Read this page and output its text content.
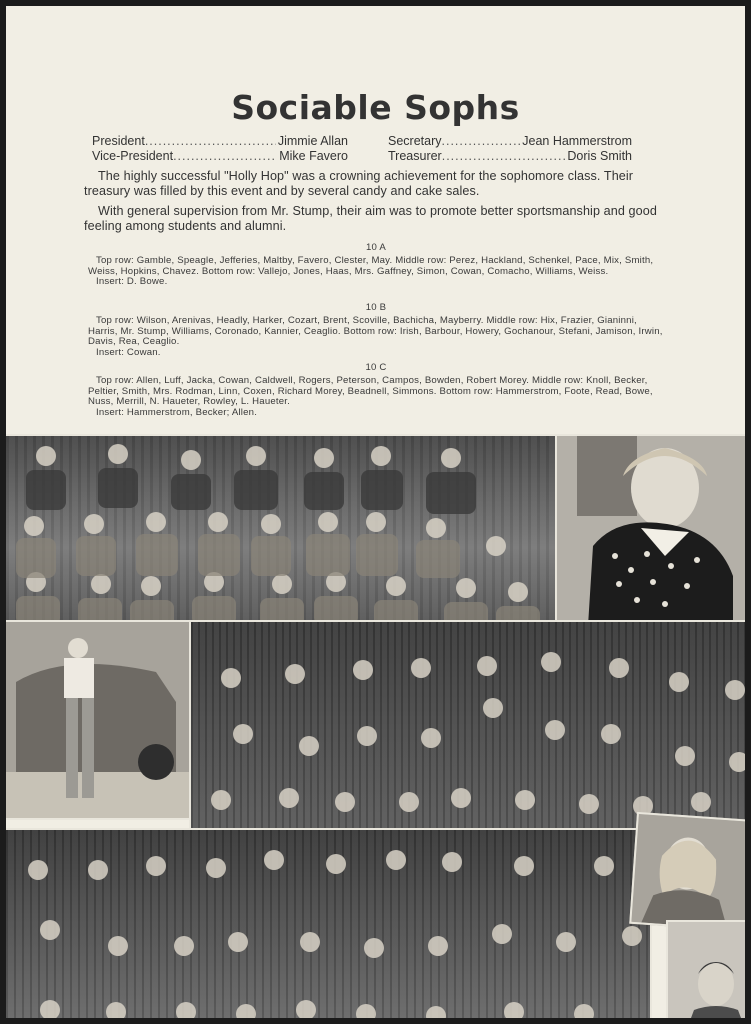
Sociable Sophs
President .....	Jimmie Allan
Vice-President .....	Mike Favero
Secretary .....	Jean Hammerstrom
Treasurer .....	Doris Smith
The highly successful "Holly Hop" was a crowning achievement for the sophomore class. Their treasury was filled by this event and by several candy and cake sales.
With general supervision from Mr. Stump, their aim was to promote better sportsmanship and good feeling among students and alumni.
10 A
Top row: Gamble, Speagle, Jefferies, Maltby, Favero, Clester, May. Middle row: Perez, Hackland, Schenkel, Pace, Mix, Smith, Weiss, Hopkins, Chavez. Bottom row: Vallejo, Jones, Haas, Mrs. Gaffney, Simon, Cowan, Comacho, Williams, Weiss.
Insert: D. Bowe.
10 B
Top row: Wilson, Arenivas, Headly, Harker, Cozart, Brent, Scoville, Bachicha, Mayberry. Middle row: Hix, Frazier, Gianinni, Harris, Mr. Stump, Williams, Coronado, Kannier, Ceaglio. Bottom row: Irish, Barbour, Howery, Gochanour, Stefani, Jamison, Irwin, Davis, Rea, Ceaglio.
Insert: Cowan.
10 C
Top row: Allen, Luff, Jacka, Cowan, Caldwell, Rogers, Peterson, Campos, Bowden, Robert Morey. Middle row: Knoll, Becker, Peltier, Smith, Mrs. Rodman, Linn, Coxen, Richard Morey, Beadnell, Simmons. Bottom row: Hammerstrom, Foote, Read, Bowe, Nuss, Merrill, N. Haueter, Rowley, L. Haueter.
Insert: Hammerstrom, Becker; Allen.
